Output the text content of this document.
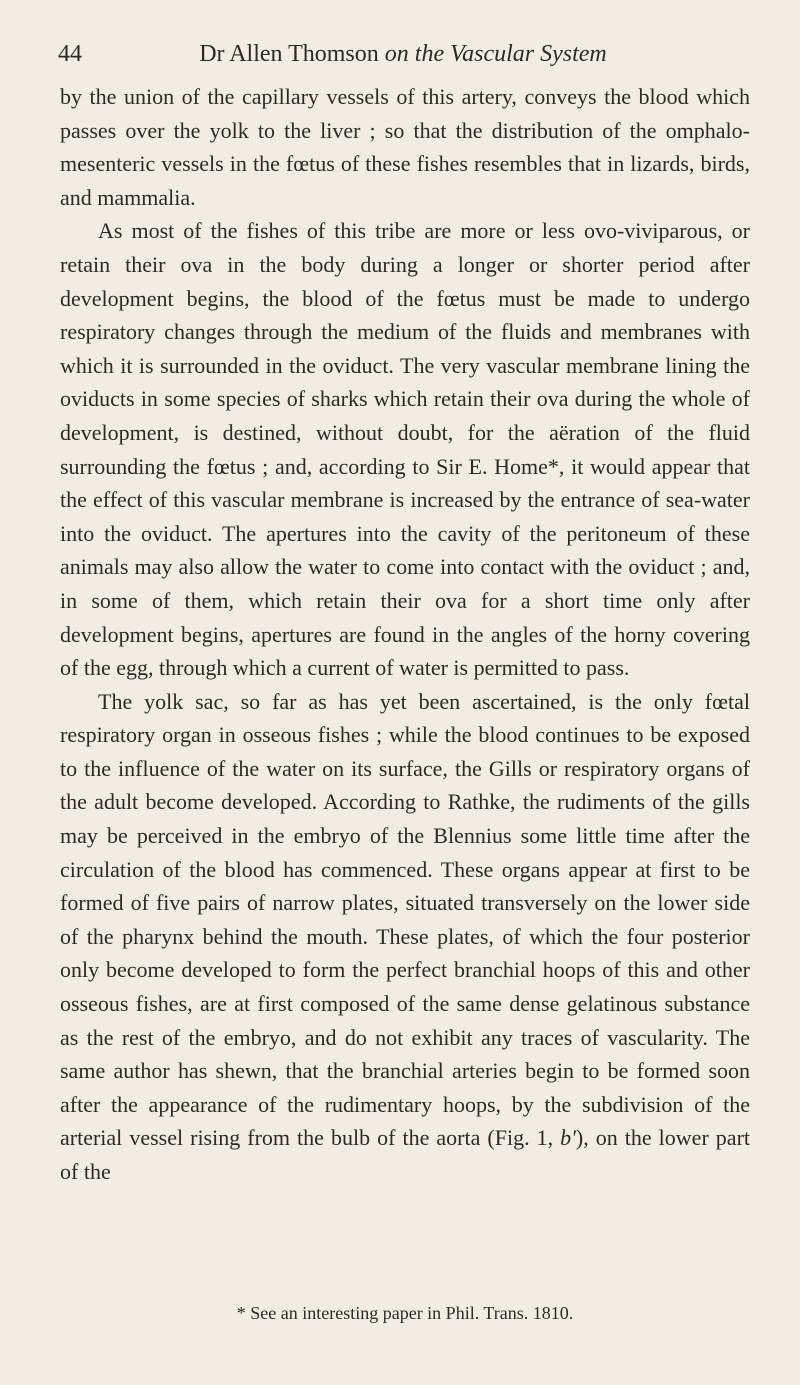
44	Dr Allen Thomson on the Vascular System

by the union of the capillary vessels of this artery, conveys the blood which passes over the yolk to the liver ; so that the distribution of the omphalo-mesenteric vessels in the fœtus of these fishes resembles that in lizards, birds, and mammalia.

As most of the fishes of this tribe are more or less ovo-viviparous, or retain their ova in the body during a longer or shorter period after development begins, the blood of the fœtus must be made to undergo respiratory changes through the medium of the fluids and membranes with which it is surrounded in the oviduct. The very vascular membrane lining the oviducts in some species of sharks which retain their ova during the whole of development, is destined, without doubt, for the aëration of the fluid surrounding the fœtus ; and, according to Sir E. Home*, it would appear that the effect of this vascular membrane is increased by the entrance of sea-water into the oviduct. The apertures into the cavity of the peritoneum of these animals may also allow the water to come into contact with the oviduct ; and, in some of them, which retain their ova for a short time only after development begins, apertures are found in the angles of the horny covering of the egg, through which a current of water is permitted to pass.

The yolk sac, so far as has yet been ascertained, is the only fœtal respiratory organ in osseous fishes ; while the blood continues to be exposed to the influence of the water on its surface, the Gills or respiratory organs of the adult become developed. According to Rathke, the rudiments of the gills may be perceived in the embryo of the Blennius some little time after the circulation of the blood has commenced. These organs appear at first to be formed of five pairs of narrow plates, situated transversely on the lower side of the pharynx behind the mouth. These plates, of which the four posterior only become developed to form the perfect branchial hoops of this and other osseous fishes, are at first composed of the same dense gelatinous substance as the rest of the embryo, and do not exhibit any traces of vascularity. The same author has shewn, that the branchial arteries begin to be formed soon after the appearance of the rudimentary hoops, by the subdivision of the arterial vessel rising from the bulb of the aorta (Fig. 1, b'), on the lower part of the

* See an interesting paper in Phil. Trans. 1810.
